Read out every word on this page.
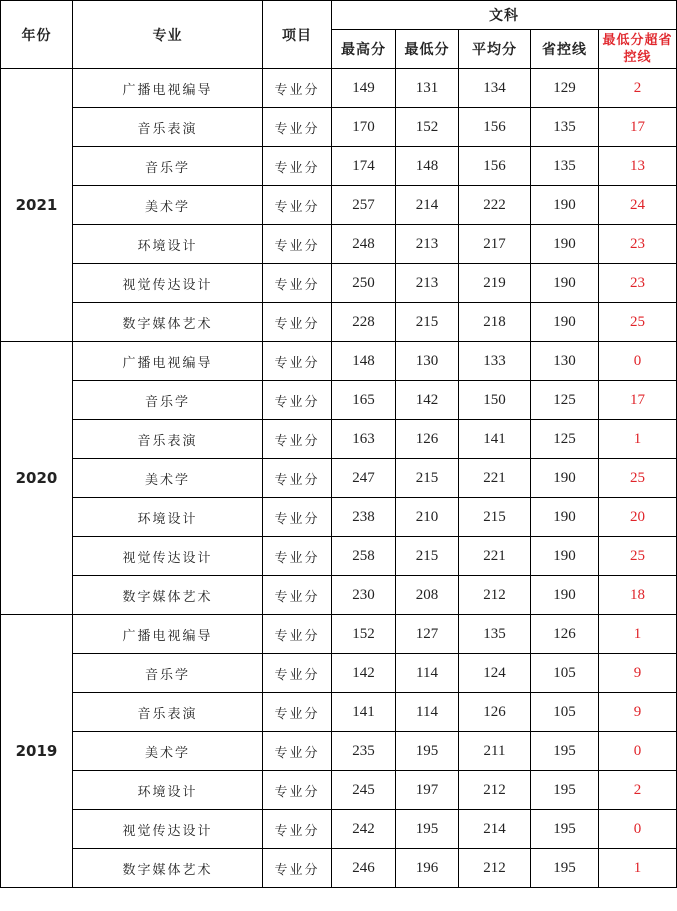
年份	专业	项目	文科				
			最高分	最低分	平均分	省控线	最低分超省控线
2021	广播电视编导	专业分	149	131	134	129	2
	音乐表演	专业分	170	152	156	135	17
	音乐学	专业分	174	148	156	135	13
	美术学	专业分	257	214	222	190	24
	环境设计	专业分	248	213	217	190	23
	视觉传达设计	专业分	250	213	219	190	23
	数字媒体艺术	专业分	228	215	218	190	25
2020	广播电视编导	专业分	148	130	133	130	0
	音乐学	专业分	165	142	150	125	17
	音乐表演	专业分	163	126	141	125	1
	美术学	专业分	247	215	221	190	25
	环境设计	专业分	238	210	215	190	20
	视觉传达设计	专业分	258	215	221	190	25
	数字媒体艺术	专业分	230	208	212	190	18
2019	广播电视编导	专业分	152	127	135	126	1
	音乐学	专业分	142	114	124	105	9
	音乐表演	专业分	141	114	126	105	9
	美术学	专业分	235	195	211	195	0
	环境设计	专业分	245	197	212	195	2
	视觉传达设计	专业分	242	195	214	195	0
	数字媒体艺术	专业分	246	196	212	195	1
